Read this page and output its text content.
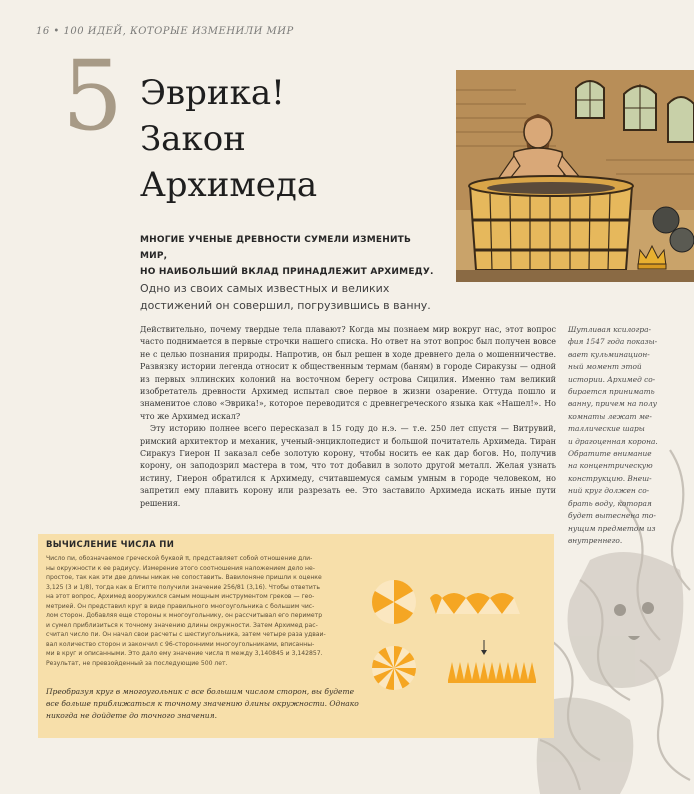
16 • 100 ИДЕЙ, КОТОРЫЕ ИЗМЕНИЛИ МИР
5 Эврика!
Закон
Архимеда
МНОГИЕ УЧЕНЫЕ ДРЕВНОСТИ СУМЕЛИ ИЗМЕНИТЬ МИР,
НО НАИБОЛЬШИЙ ВКЛАД ПРИНАДЛЕЖИТ АРХИМЕДУ.
Одно из своих самых известных и великих
достижений он совершил, погрузившись в ванну.

Действительно, почему твердые тела плавают? Когда мы познаем мир вокруг нас, этот вопрос часто поднимается в первые строчки нашего списка. Но ответ на этот вопрос был получен вовсе не с целью познания природы. Напротив, он был решен в ходе древнего дела о мошенничестве. Развязку истории легенда относит к общественным термам (баням) в городе Сиракузы — одной из первых эллинских колоний на восточном берегу острова Сицилия. Именно там великий изобретатель древности Архимед испытал свое первое в жизни озарение. Оттуда пошло и знаменитое слово «Эврика!», которое переводится с древнегреческого языка как «Нашел!». Но что же Архимед искал?

Эту историю полнее всего пересказал в 15 году до н.э. — т.е. 250 лет спустя — Витрувий, римский архитектор и механик, ученый-энциклопедист и большой почитатель Архимеда. Тиран Сиракуз Гиерон II заказал себе золотую корону, чтобы носить ее как дар богов. Но, получив корону, он заподозрил мастера в том, что тот добавил в золото другой металл. Желая узнать истину, Гиерон обратился к Архимеду, считавшемуся самым умным в городе человеком, но запретил ему плавить корону или разрезать ее. Это заставило Архимеда искать иные пути решения.

Шутливая ксилогра-
фия 1547 года показы-
вает кульминацион-
ный момент этой
истории. Архимед со-
бирается принимать
ванну, причем на полу
комнаты лежат ме-
таллические шары
и драгоценная корона.
Обратите внимание
на концентрическую
конструкцию. Внеш-
ний круг должен со-
брать воду, которая
будет вытеснена то-
нущим предметом из
внутреннего.
ВЫЧИСЛЕНИЕ ЧИСЛА ПИ
Число пи, обозначаемое греческой буквой π, представляет собой отношение дли-
ны окружности к ее радиусу. Измерение этого соотношения наложением дело не-
простое, так как эти две длины никак не сопоставить. Вавилоняне пришли к оценке
3,125 (3 и 1/8), тогда как в Египте получили значение 256/81 (3,16). Чтобы ответить
на этот вопрос, Архимед вооружился самым мощным инструментом греков — гео-
метрией. Он представил круг в виде правильного многоугольника с большим чис-
лом сторон. Добавляя еще стороны к многоугольнику, он рассчитывал его периметр
и сумел приблизиться к точному значению длины окружности. Затем Архимед рас-
считал число пи. Он начал свои расчеты с шестиугольника, затем четыре раза удваи-
вал количество сторон и закончил с 96-сторонними многоугольниками, вписанны-
ми в круг и описанными. Это дало ему значение числа π между 3,140845 и 3,142857.
Результат, не превзойденный за последующие 500 лет.
Преобразуя круг в многоугольник с все большим числом сторон, вы будете
все больше приближаться к точному значению длины окружности. Однако
никогда не дойдете до точного значения.
